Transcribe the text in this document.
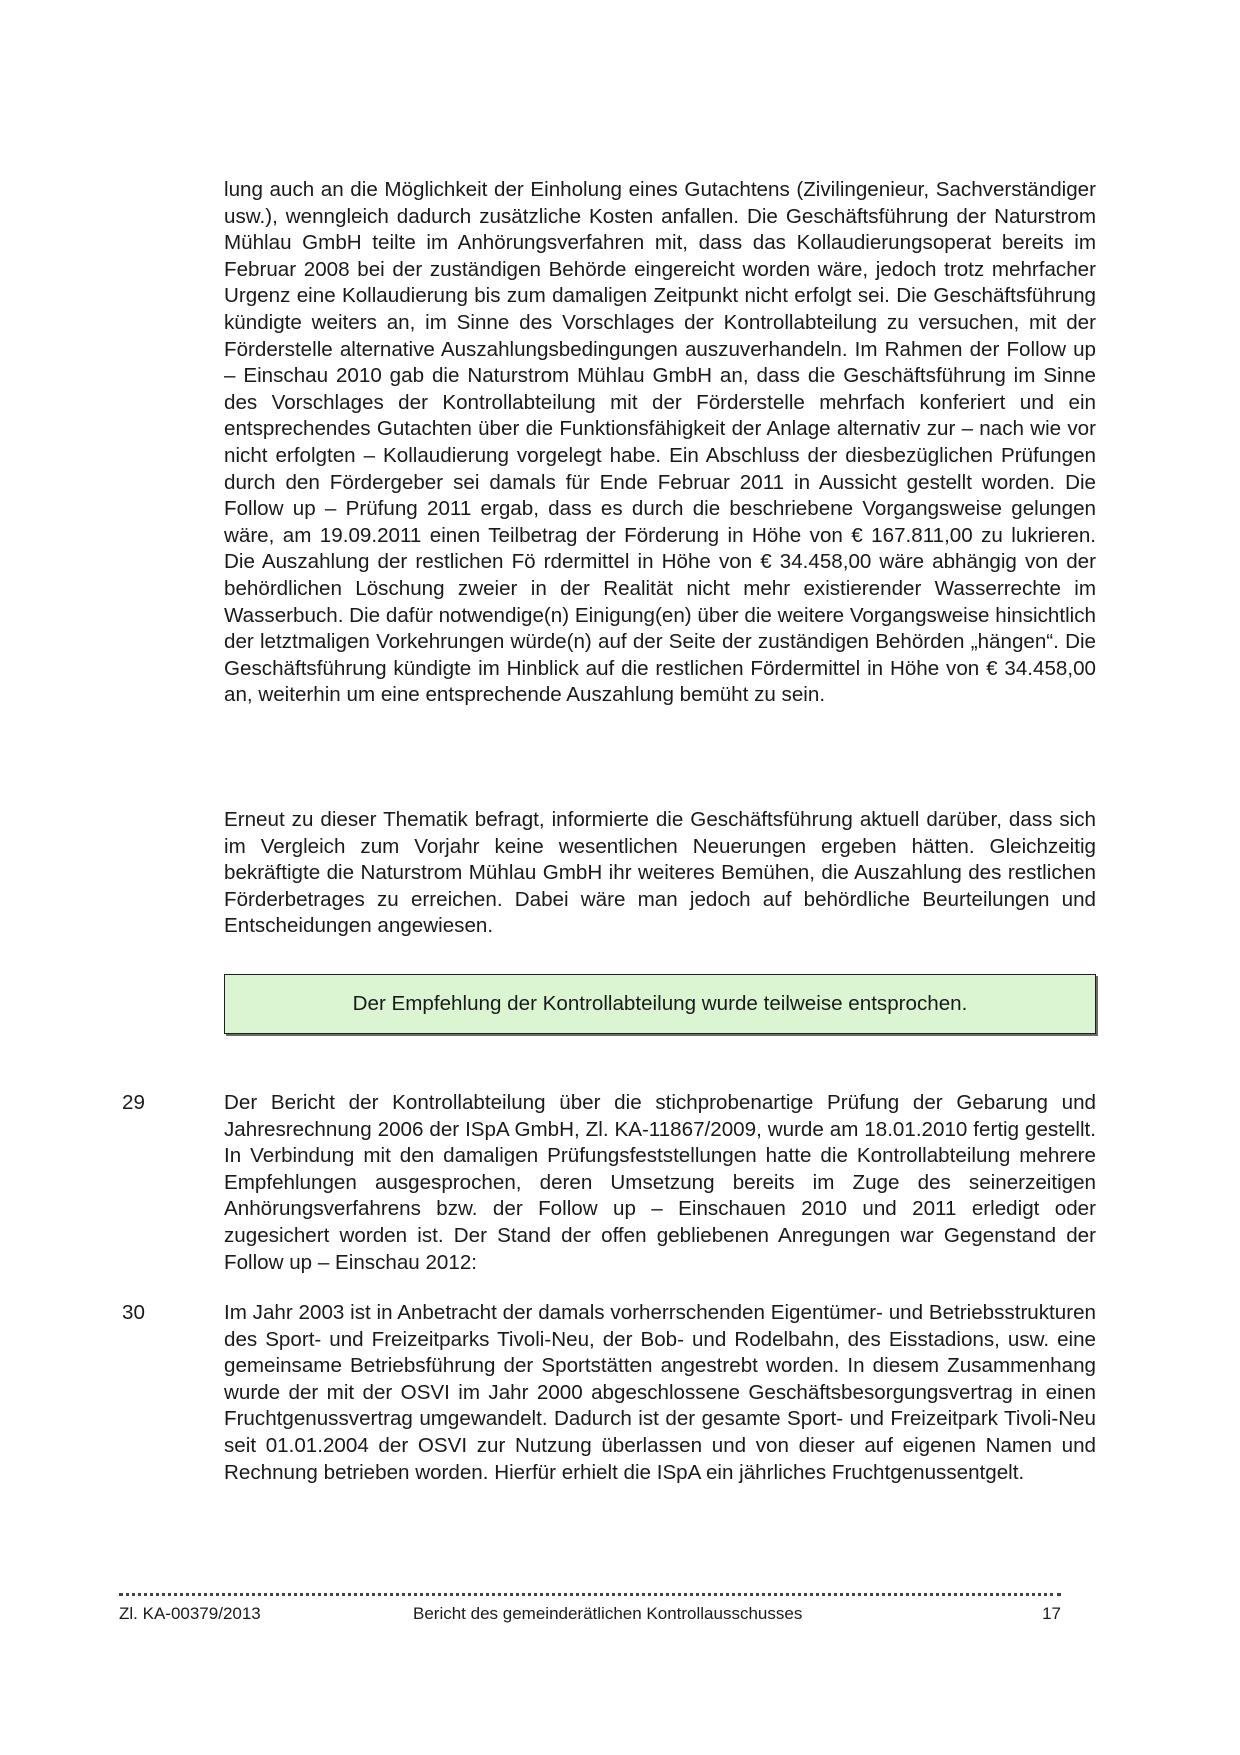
lung auch an die Möglichkeit der Einholung eines Gutachtens (Zivilingenieur, Sachverständiger usw.), wenngleich dadurch zusätzliche Kosten anfallen. Die Geschäftsführung der Naturstrom Mühlau GmbH teilte im Anhörungsverfahren mit, dass das Kollaudierungsoperat bereits im Februar 2008 bei der zuständigen Behörde eingereicht worden wäre, jedoch trotz mehrfacher Urgenz eine Kollaudierung bis zum damaligen Zeitpunkt nicht erfolgt sei. Die Geschäftsführung kündigte weiters an, im Sinne des Vorschlages der Kontrollabteilung zu versuchen, mit der Förderstelle alternative Auszahlungsbedingungen auszuverhandeln. Im Rahmen der Follow up – Einschau 2010 gab die Naturstrom Mühlau GmbH an, dass die Geschäftsführung im Sinne des Vorschlages der Kontrollabteilung mit der Förderstelle mehrfach konferiert und ein entsprechendes Gutachten über die Funktionsfähigkeit der Anlage alternativ zur – nach wie vor nicht erfolgten – Kollaudierung vorgelegt habe. Ein Abschluss der diesbezüglichen Prüfungen durch den Fördergeber sei damals für Ende Februar 2011 in Aussicht gestellt worden. Die Follow up – Prüfung 2011 ergab, dass es durch die beschriebene Vorgangsweise gelungen wäre, am 19.09.2011 einen Teilbetrag der Förderung in Höhe von € 167.811,00 zu lukrieren. Die Auszahlung der restlichen Fö rdermittel in Höhe von € 34.458,00 wäre abhängig von der behördlichen Löschung zweier in der Realität nicht mehr existierender Wasserrechte im Wasserbuch. Die dafür notwendige(n) Einigung(en) über die weitere Vorgangsweise hinsichtlich der letztmaligen Vorkehrungen würde(n) auf der Seite der zuständigen Behörden „hängen“. Die Geschäftsführung kündigte im Hinblick auf die restlichen Fördermittel in Höhe von € 34.458,00 an, weiterhin um eine entsprechende Auszahlung bemüht zu sein.

Erneut zu dieser Thematik befragt, informierte die Geschäftsführung aktuell darüber, dass sich im Vergleich zum Vorjahr keine wesentlichen Neuerungen ergeben hätten. Gleichzeitig bekräftigte die Naturstrom Mühlau GmbH ihr weiteres Bemühen, die Auszahlung des restlichen Förderbetrages zu erreichen. Dabei wäre man jedoch auf behördliche Beurteilungen und Entscheidungen angewiesen.

Der Empfehlung der Kontrollabteilung wurde teilweise entsprochen.
29	Der Bericht der Kontrollabteilung über die stichprobenartige Prüfung der Gebarung und Jahresrechnung 2006 der ISpA GmbH, Zl. KA-11867/2009, wurde am 18.01.2010 fertig gestellt. In Verbindung mit den damaligen Prüfungsfeststellungen hatte die Kontrollabteilung mehrere Empfehlungen ausgesprochen, deren Umsetzung bereits im Zuge des seinerzeitigen Anhörungsverfahrens bzw. der Follow up – Einschauen 2010 und 2011 erledigt oder zugesichert worden ist. Der Stand der offen gebliebenen Anregungen war Gegenstand der Follow up – Einschau 2012:

30	Im Jahr 2003 ist in Anbetracht der damals vorherrschenden Eigentümer- und Betriebsstrukturen des Sport- und Freizeitparks Tivoli-Neu, der Bob- und Rodelbahn, des Eisstadions, usw. eine gemeinsame Betriebsführung der Sportstätten angestrebt worden. In diesem Zusammenhang wurde der mit der OSVI im Jahr 2000 abgeschlossene Geschäftsbesorgungsvertrag in einen Fruchtgenussvertrag umgewandelt. Dadurch ist der gesamte Sport- und Freizeitpark Tivoli-Neu seit 01.01.2004 der OSVI zur Nutzung überlassen und von dieser auf eigenen Namen und Rechnung betrieben worden. Hierfür erhielt die ISpA ein jährliches Fruchtgenussentgelt.

Zl. KA-00379/2013	Bericht des gemeinderätlichen Kontrollausschusses	17
